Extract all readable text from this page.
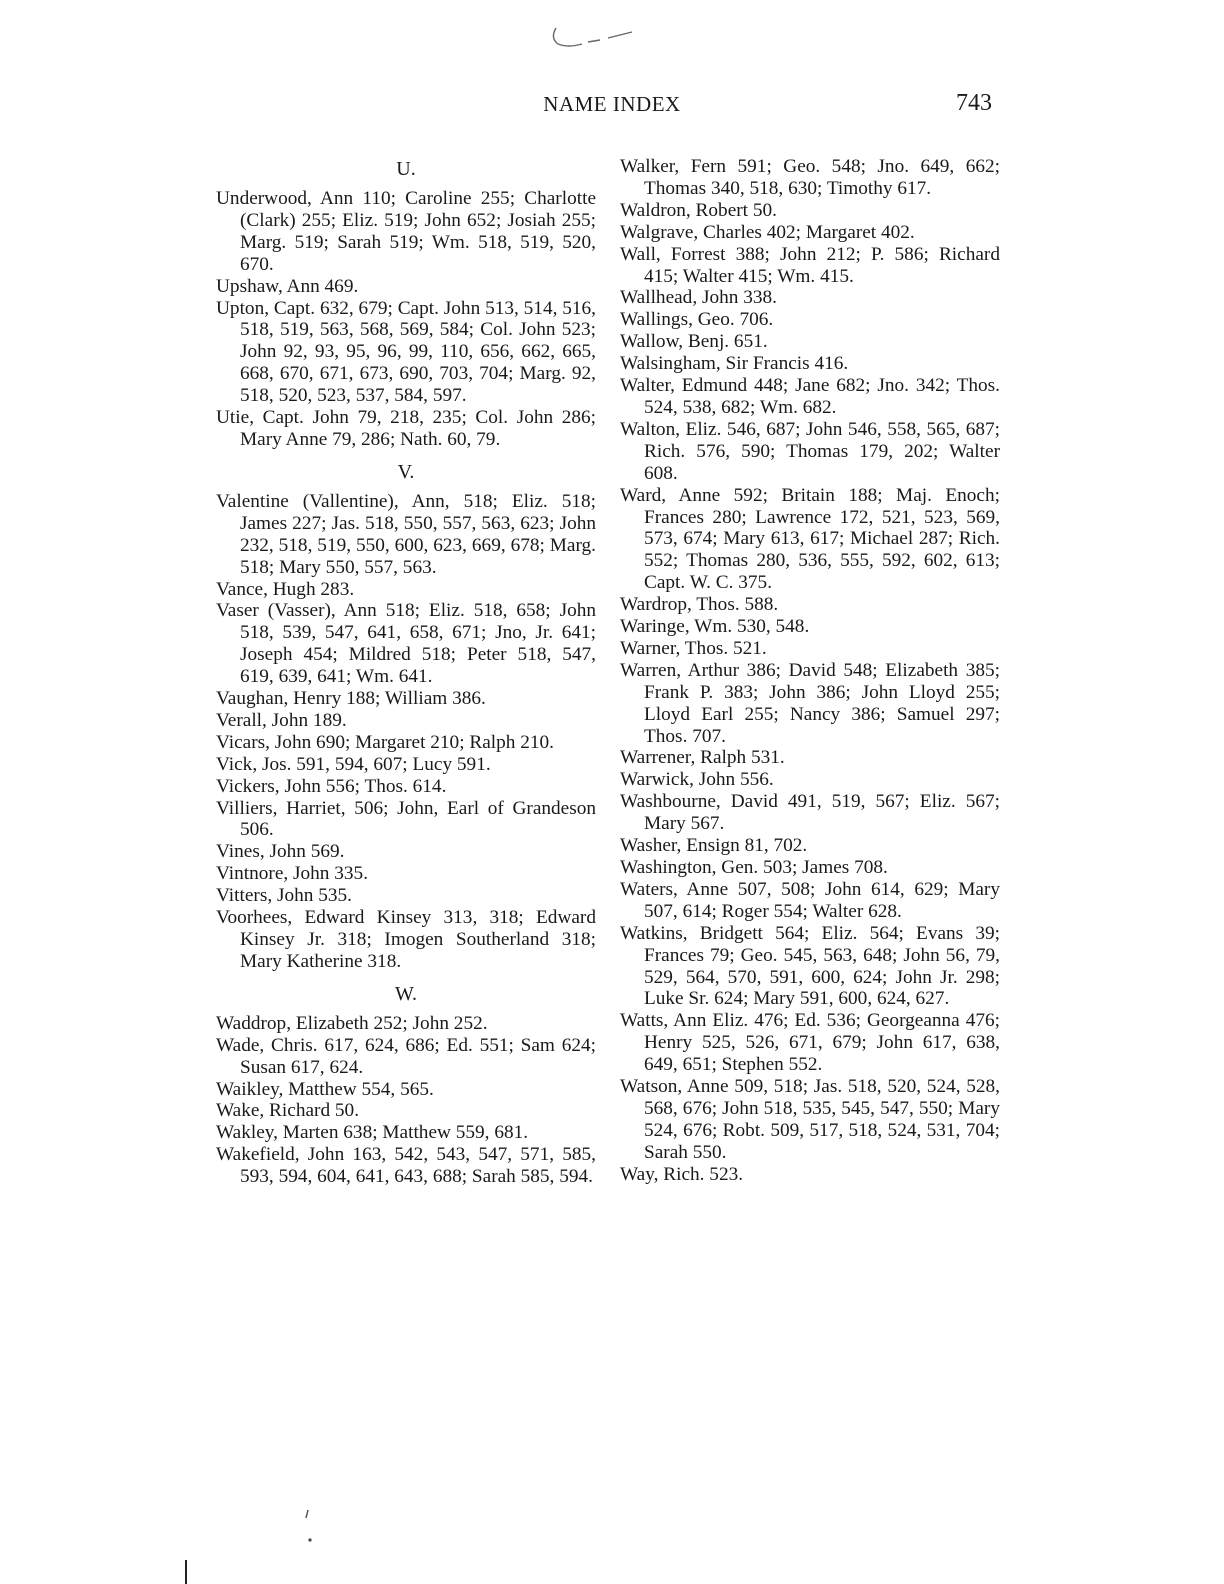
NAME INDEX	743
U.

Underwood, Ann 110; Caroline 255; Charlotte (Clark) 255; Eliz. 519; John 652; Josiah 255; Marg. 519; Sarah 519; Wm. 518, 519, 520, 670.

Upshaw, Ann 469.

Upton, Capt. 632, 679; Capt. John 513, 514, 516, 518, 519, 563, 568, 569, 584; Col. John 523; John 92, 93, 95, 96, 99, 110, 656, 662, 665, 668, 670, 671, 673, 690, 703, 704; Marg. 92, 518, 520, 523, 537, 584, 597.

Utie, Capt. John 79, 218, 235; Col. John 286; Mary Anne 79, 286; Nath. 60, 79.

V.

Valentine (Vallentine), Ann, 518; Eliz. 518; James 227; Jas. 518, 550, 557, 563, 623; John 232, 518, 519, 550, 600, 623, 669, 678; Marg. 518; Mary 550, 557, 563.

Vance, Hugh 283.

Vaser (Vasser), Ann 518; Eliz. 518, 658; John 518, 539, 547, 641, 658, 671; Jno, Jr. 641; Joseph 454; Mildred 518; Peter 518, 547, 619, 639, 641; Wm. 641.

Vaughan, Henry 188; William 386.

Verall, John 189.

Vicars, John 690; Margaret 210; Ralph 210.

Vick, Jos. 591, 594, 607; Lucy 591.

Vickers, John 556; Thos. 614.

Villiers, Harriet, 506; John, Earl of Grandeson 506.

Vines, John 569.

Vintnore, John 335.

Vitters, John 535.

Voorhees, Edward Kinsey 313, 318; Edward Kinsey Jr. 318; Imogen Southerland 318; Mary Katherine 318.

W.

Waddrop, Elizabeth 252; John 252.

Wade, Chris. 617, 624, 686; Ed. 551; Sam 624; Susan 617, 624.

Waikley, Matthew 554, 565.

Wake, Richard 50.

Wakley, Marten 638; Matthew 559, 681.

Wakefield, John 163, 542, 543, 547, 571, 585, 593, 594, 604, 641, 643, 688; Sarah 585, 594.

Walker, Fern 591; Geo. 548; Jno. 649, 662; Thomas 340, 518, 630; Timothy 617.

Waldron, Robert 50.

Walgrave, Charles 402; Margaret 402.

Wall, Forrest 388; John 212; P. 586; Richard 415; Walter 415; Wm. 415.

Wallhead, John 338.

Wallings, Geo. 706.

Wallow, Benj. 651.

Walsingham, Sir Francis 416.

Walter, Edmund 448; Jane 682; Jno. 342; Thos. 524, 538, 682; Wm. 682.

Walton, Eliz. 546, 687; John 546, 558, 565, 687; Rich. 576, 590; Thomas 179, 202; Walter 608.

Ward, Anne 592; Britain 188; Maj. Enoch; Frances 280; Lawrence 172, 521, 523, 569, 573, 674; Mary 613, 617; Michael 287; Rich. 552; Thomas 280, 536, 555, 592, 602, 613; Capt. W. C. 375.

Wardrop, Thos. 588.

Waringe, Wm. 530, 548.

Warner, Thos. 521.

Warren, Arthur 386; David 548; Elizabeth 385; Frank P. 383; John 386; John Lloyd 255; Lloyd Earl 255; Nancy 386; Samuel 297; Thos. 707.

Warrener, Ralph 531.

Warwick, John 556.

Washbourne, David 491, 519, 567; Eliz. 567; Mary 567.

Washer, Ensign 81, 702.

Washington, Gen. 503; James 708.

Waters, Anne 507, 508; John 614, 629; Mary 507, 614; Roger 554; Walter 628.

Watkins, Bridgett 564; Eliz. 564; Evans 39; Frances 79; Geo. 545, 563, 648; John 56, 79, 529, 564, 570, 591, 600, 624; John Jr. 298; Luke Sr. 624; Mary 591, 600, 624, 627.

Watts, Ann Eliz. 476; Ed. 536; Georgeanna 476; Henry 525, 526, 671, 679; John 617, 638, 649, 651; Stephen 552.

Watson, Anne 509, 518; Jas. 518, 520, 524, 528, 568, 676; John 518, 535, 545, 547, 550; Mary 524, 676; Robt. 509, 517, 518, 524, 531, 704; Sarah 550.

Way, Rich. 523.
